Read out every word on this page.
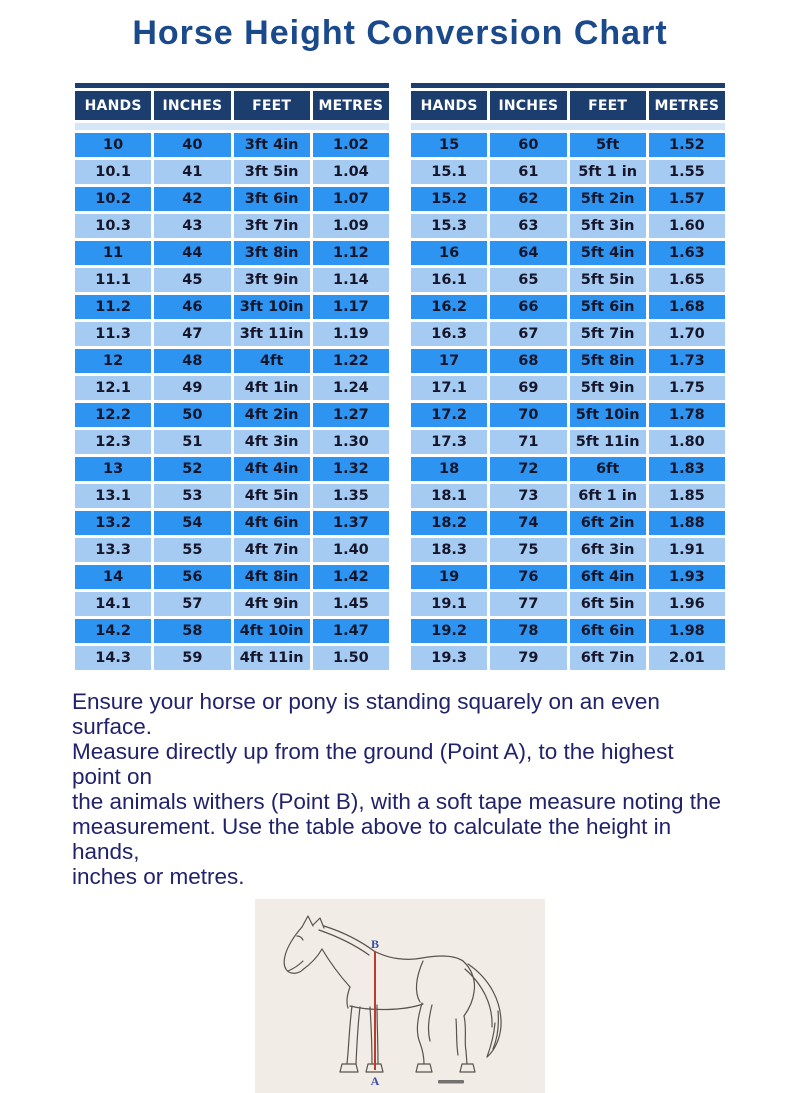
Horse Height Conversion Chart
HANDS	INCHES	FEET	METRES

10	40	3ft 4in	1.02
10.1	41	3ft 5in	1.04
10.2	42	3ft 6in	1.07
10.3	43	3ft 7in	1.09
11	44	3ft 8in	1.12
11.1	45	3ft 9in	1.14
11.2	46	3ft 10in	1.17
11.3	47	3ft 11in	1.19
12	48	4ft	1.22
12.1	49	4ft 1in	1.24
12.2	50	4ft 2in	1.27
12.3	51	4ft 3in	1.30
13	52	4ft 4in	1.32
13.1	53	4ft 5in	1.35
13.2	54	4ft 6in	1.37
13.3	55	4ft 7in	1.40
14	56	4ft 8in	1.42
14.1	57	4ft 9in	1.45
14.2	58	4ft 10in	1.47
14.3	59	4ft 11in	1.50
HANDS	INCHES	FEET	METRES

15	60	5ft	1.52
15.1	61	5ft 1 in	1.55
15.2	62	5ft 2in	1.57
15.3	63	5ft 3in	1.60
16	64	5ft 4in	1.63
16.1	65	5ft 5in	1.65
16.2	66	5ft 6in	1.68
16.3	67	5ft 7in	1.70
17	68	5ft 8in	1.73
17.1	69	5ft 9in	1.75
17.2	70	5ft 10in	1.78
17.3	71	5ft 11in	1.80
18	72	6ft	1.83
18.1	73	6ft 1 in	1.85
18.2	74	6ft 2in	1.88
18.3	75	6ft 3in	1.91
19	76	6ft 4in	1.93
19.1	77	6ft 5in	1.96
19.2	78	6ft 6in	1.98
19.3	79	6ft 7in	2.01
Ensure your horse or pony is standing squarely on an even surface.
Measure directly up from the ground (Point A), to the highest point on
the animals withers (Point B), with a soft tape measure noting the
measurement. Use the table above to calculate the height in hands,
inches or metres.
B
A
